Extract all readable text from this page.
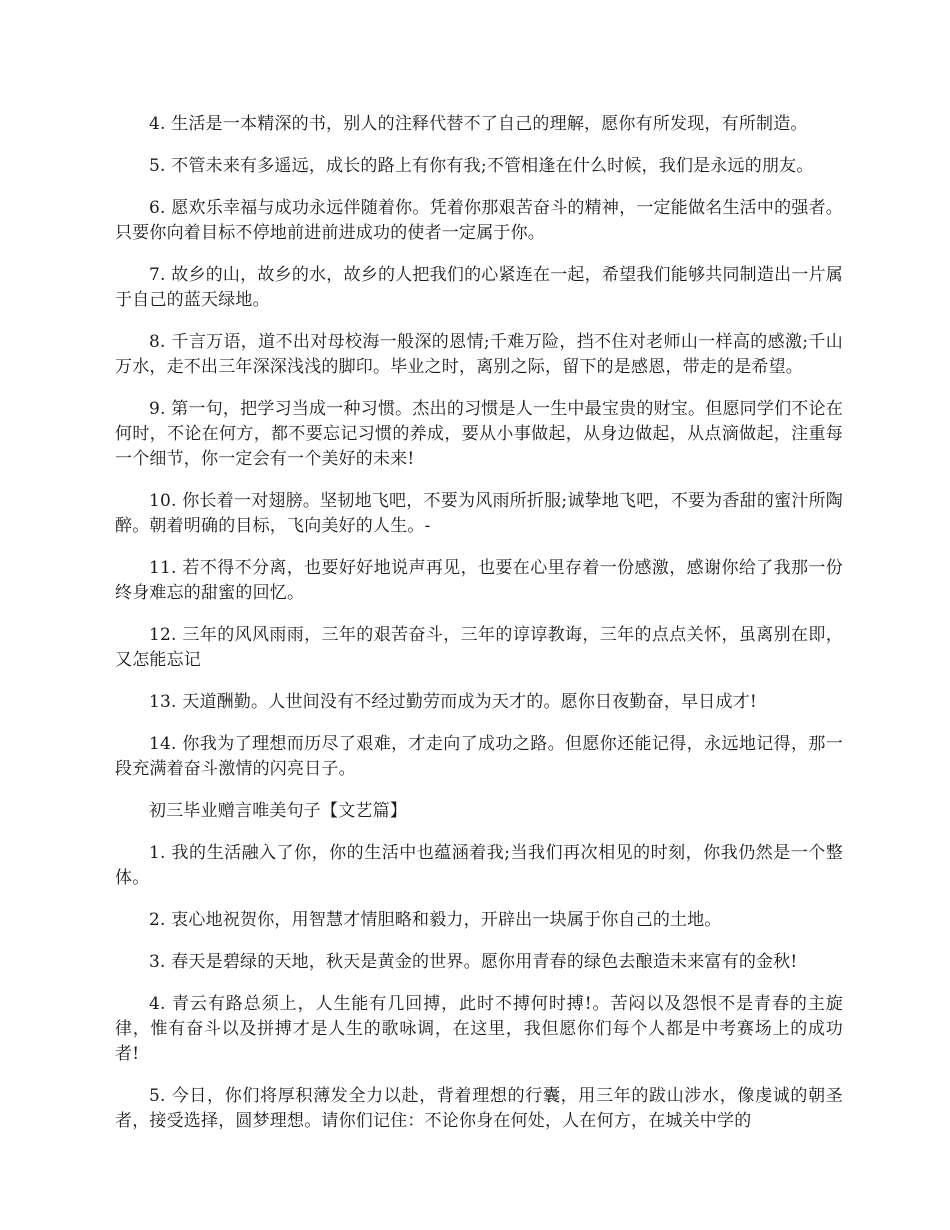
4. 生活是一本精深的书，别人的注释代替不了自己的理解，愿你有所发现，有所制造。

5. 不管未来有多遥远，成长的路上有你有我;不管相逢在什么时候，我们是永远的朋友。

6. 愿欢乐幸福与成功永远伴随着你。凭着你那艰苦奋斗的精神，一定能做名生活中的强者。只要你向着目标不停地前进前进成功的使者一定属于你。

7. 故乡的山，故乡的水，故乡的人把我们的心紧连在一起，希望我们能够共同制造出一片属于自己的蓝天绿地。

8. 千言万语，道不出对母校海一般深的恩情;千难万险，挡不住对老师山一样高的感激;千山万水，走不出三年深深浅浅的脚印。毕业之时，离别之际，留下的是感恩，带走的是希望。

9. 第一句，把学习当成一种习惯。杰出的习惯是人一生中最宝贵的财宝。但愿同学们不论在何时，不论在何方，都不要忘记习惯的养成，要从小事做起，从身边做起，从点滴做起，注重每一个细节，你一定会有一个美好的未来!

10. 你长着一对翅膀。坚韧地飞吧，不要为风雨所折服;诚挚地飞吧，不要为香甜的蜜汁所陶醉。朝着明确的目标，飞向美好的人生。-

11. 若不得不分离，也要好好地说声再见，也要在心里存着一份感激，感谢你给了我那一份终身难忘的甜蜜的回忆。

12. 三年的风风雨雨，三年的艰苦奋斗，三年的谆谆教诲，三年的点点关怀，虽离别在即，又怎能忘记

13. 天道酬勤。人世间没有不经过勤劳而成为天才的。愿你日夜勤奋，早日成才!

14. 你我为了理想而历尽了艰难，才走向了成功之路。但愿你还能记得，永远地记得，那一段充满着奋斗激情的闪亮日子。

初三毕业赠言唯美句子【文艺篇】

1. 我的生活融入了你，你的生活中也蕴涵着我;当我们再次相见的时刻，你我仍然是一个整体。

2. 衷心地祝贺你，用智慧才情胆略和毅力，开辟出一块属于你自己的土地。

3. 春天是碧绿的天地，秋天是黄金的世界。愿你用青春的绿色去酿造未来富有的金秋!

4. 青云有路总须上，人生能有几回搏，此时不搏何时搏!。苦闷以及怨恨不是青春的主旋律，惟有奋斗以及拼搏才是人生的歌咏调，在这里，我但愿你们每个人都是中考赛场上的成功者!

5. 今日，你们将厚积薄发全力以赴，背着理想的行囊，用三年的跋山涉水，像虔诚的朝圣者，接受选择，圆梦理想。请你们记住：不论你身在何处，人在何方，在城关中学的
